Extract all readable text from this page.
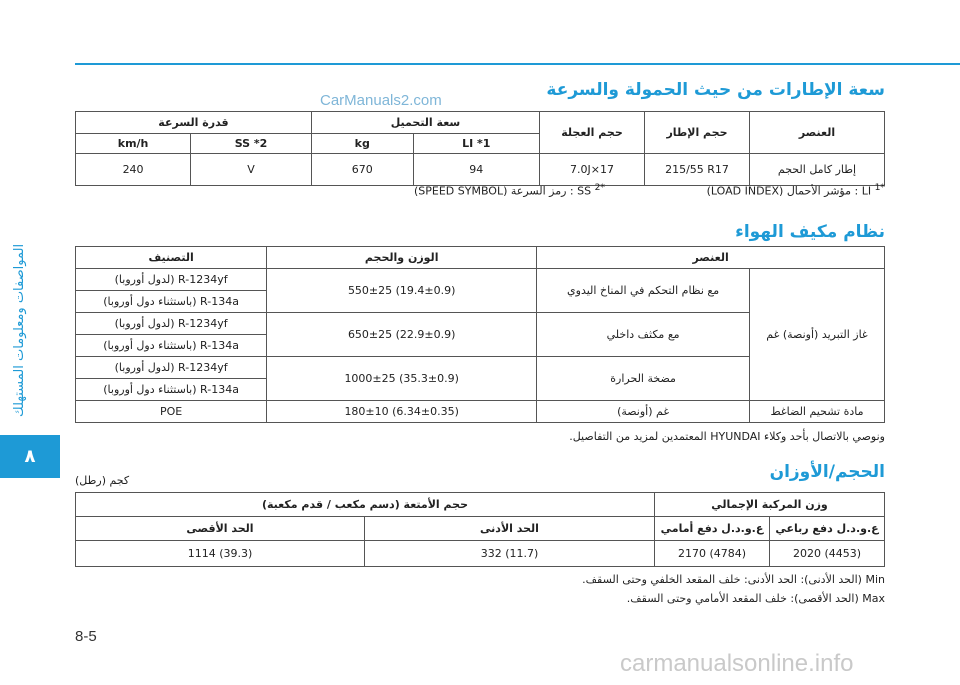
CarManuals2.com
المواصفات ومعلومات المستهلك
٨
سعة الإطارات من حيث الحمولة والسرعة
العنصر	حجم الإطار	حجم العجلة	سعة التحميل		قدرة السرعة	
			LI *1	kg	SS *2	km/h
إطار كامل الحجم	215/55 R17	7.0J×17	94	670	V	240
$^{*1}$ LI : مؤشر الأحمال (LOAD INDEX)
$^{*2}$ SS : رمز السرعة (SPEED SYMBOL)
نظام مكيف الهواء
العنصر		الوزن والحجم	التصنيف
غاز التبريد (أونصة) غم	مع نظام التحكم في المناخ اليدوي	550±25 (19.4±0.9)	R-1234yf (لدول أوروبا)
			R-134a (باستثناء دول أوروبا)
	مع مكثف داخلي	650±25 (22.9±0.9)	R-1234yf (لدول أوروبا)
			R-134a (باستثناء دول أوروبا)
	مضخة الحرارة	1000±25 (35.3±0.9)	R-1234yf (لدول أوروبا)
			R-134a (باستثناء دول أوروبا)
مادة تشحيم الضاغط	غم (أونصة)	180±10 (6.34±0.35)	POE
ونوصي بالاتصال بأحد وكلاء HYUNDAI المعتمدين لمزيد من التفاصيل.
الحجم/الأوزان
كجم (رطل)
وزن المركبة الإجمالي		حجم الأمتعة (دسم مكعب / قدم مكعبة)	
ع.و.د.ل دفع رباعي	ع.و.د.ل دفع أمامي	الحد الأدنى	الحد الأقصى
2020 (4453)	2170 (4784)	332 (11.7)	1114 (39.3)
Min (الحد الأدنى): الحد الأدنى: خلف المقعد الخلفي وحتى السقف.
Max (الحد الأقصى): خلف المقعد الأمامي وحتى السقف.
8-5
carmanualsonline.info
